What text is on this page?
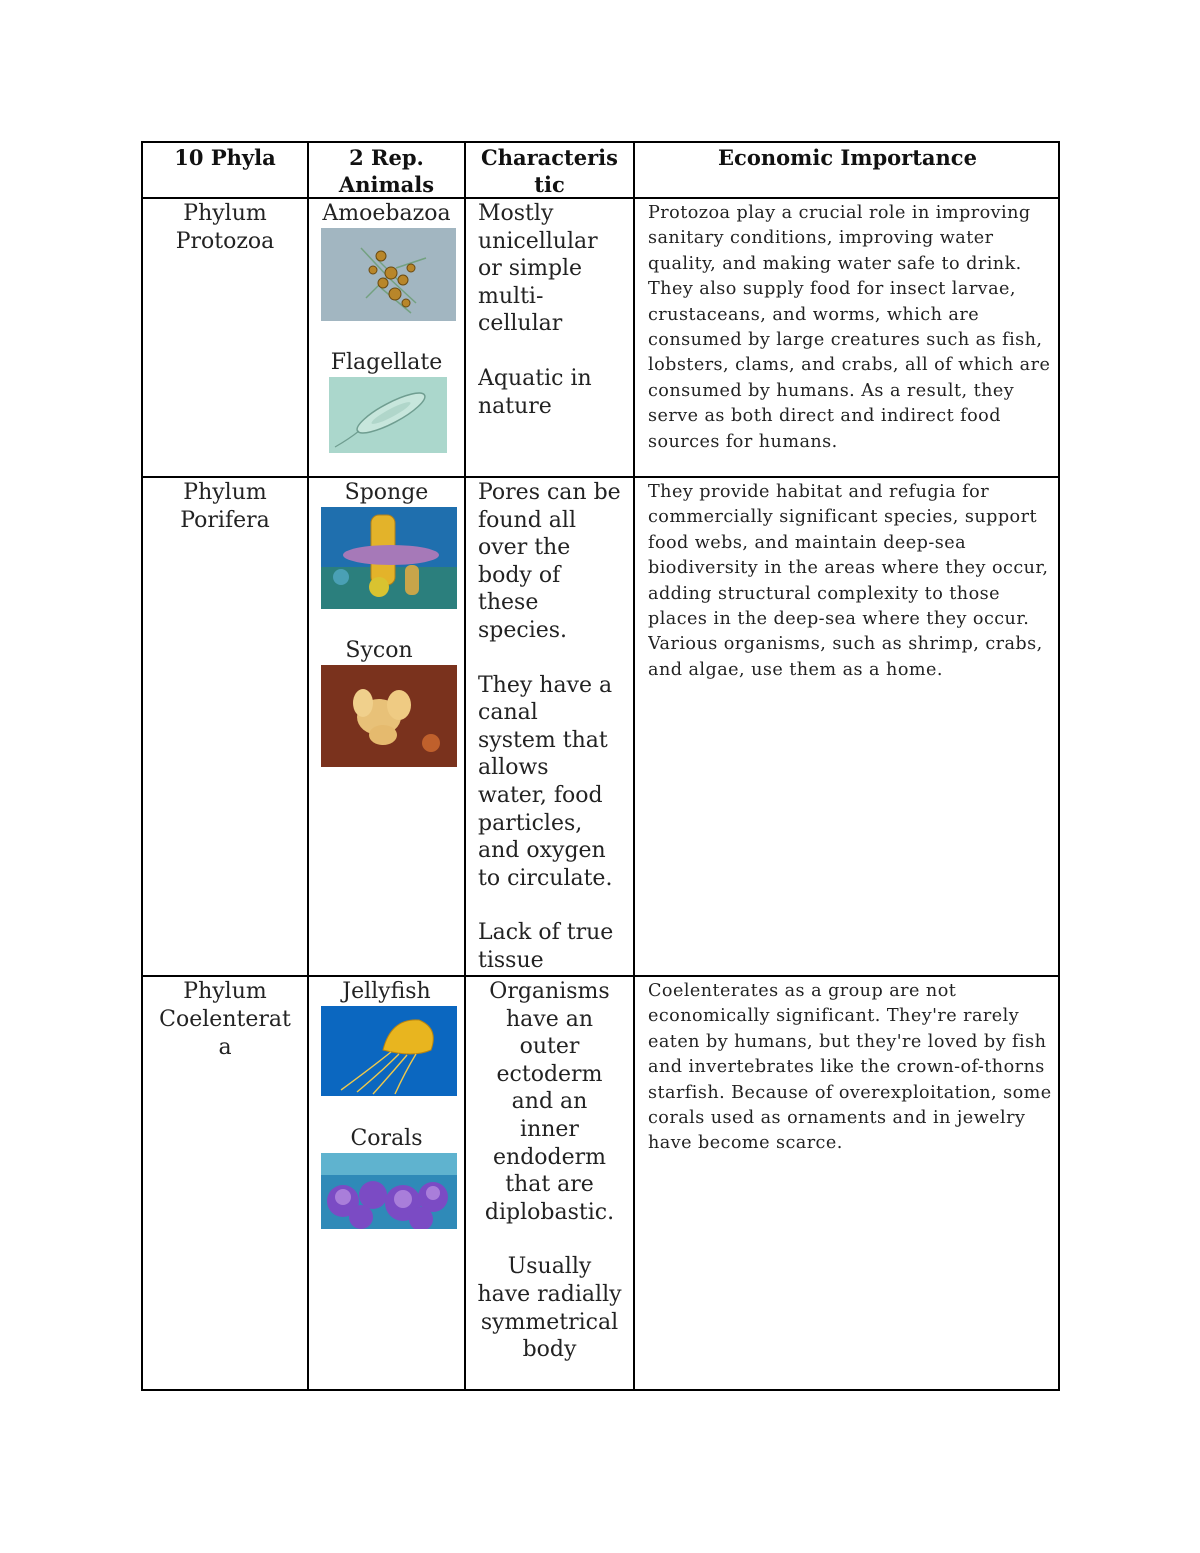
10 Phyla	2 Rep.
Animals
Characteris
tic
Economic Importance
Phylum
Protozoa
Amoebazoa
Flagellate

Mostly
unicellular
or simple
multi-
cellular

Aquatic in
nature

Protozoa play a crucial role in improving sanitary conditions, improving water quality, and making water safe to drink. They also supply food for insect larvae, crustaceans, and worms, which are consumed by large creatures such as fish, lobsters, clams, and crabs, all of which are consumed by humans. As a result, they serve as both direct and indirect food sources for humans.
Phylum
Porifera
Sponge
Sycon

Pores can be
found all
over the
body of
these
species.

They have a
canal
system that
allows
water, food
particles,
and oxygen
to circulate.

Lack of true
tissue

They provide habitat and refugia for commercially significant species, support food webs, and maintain deep-sea biodiversity in the areas where they occur, adding structural complexity to those places in the deep-sea where they occur. Various organisms, such as shrimp, crabs, and algae, use them as a home.
Phylum
Coelenterat
a
Jellyfish
Corals

Organisms
have an
outer
ectoderm
and an
inner
endoderm
that are
diplobastic.

Usually
have radially
symmetrical
body

Coelenterates as a group are not economically significant. They're rarely eaten by humans, but they're loved by fish and invertebrates like the crown-of-thorns starfish. Because of overexploitation, some corals used as ornaments and in jewelry have become scarce.
